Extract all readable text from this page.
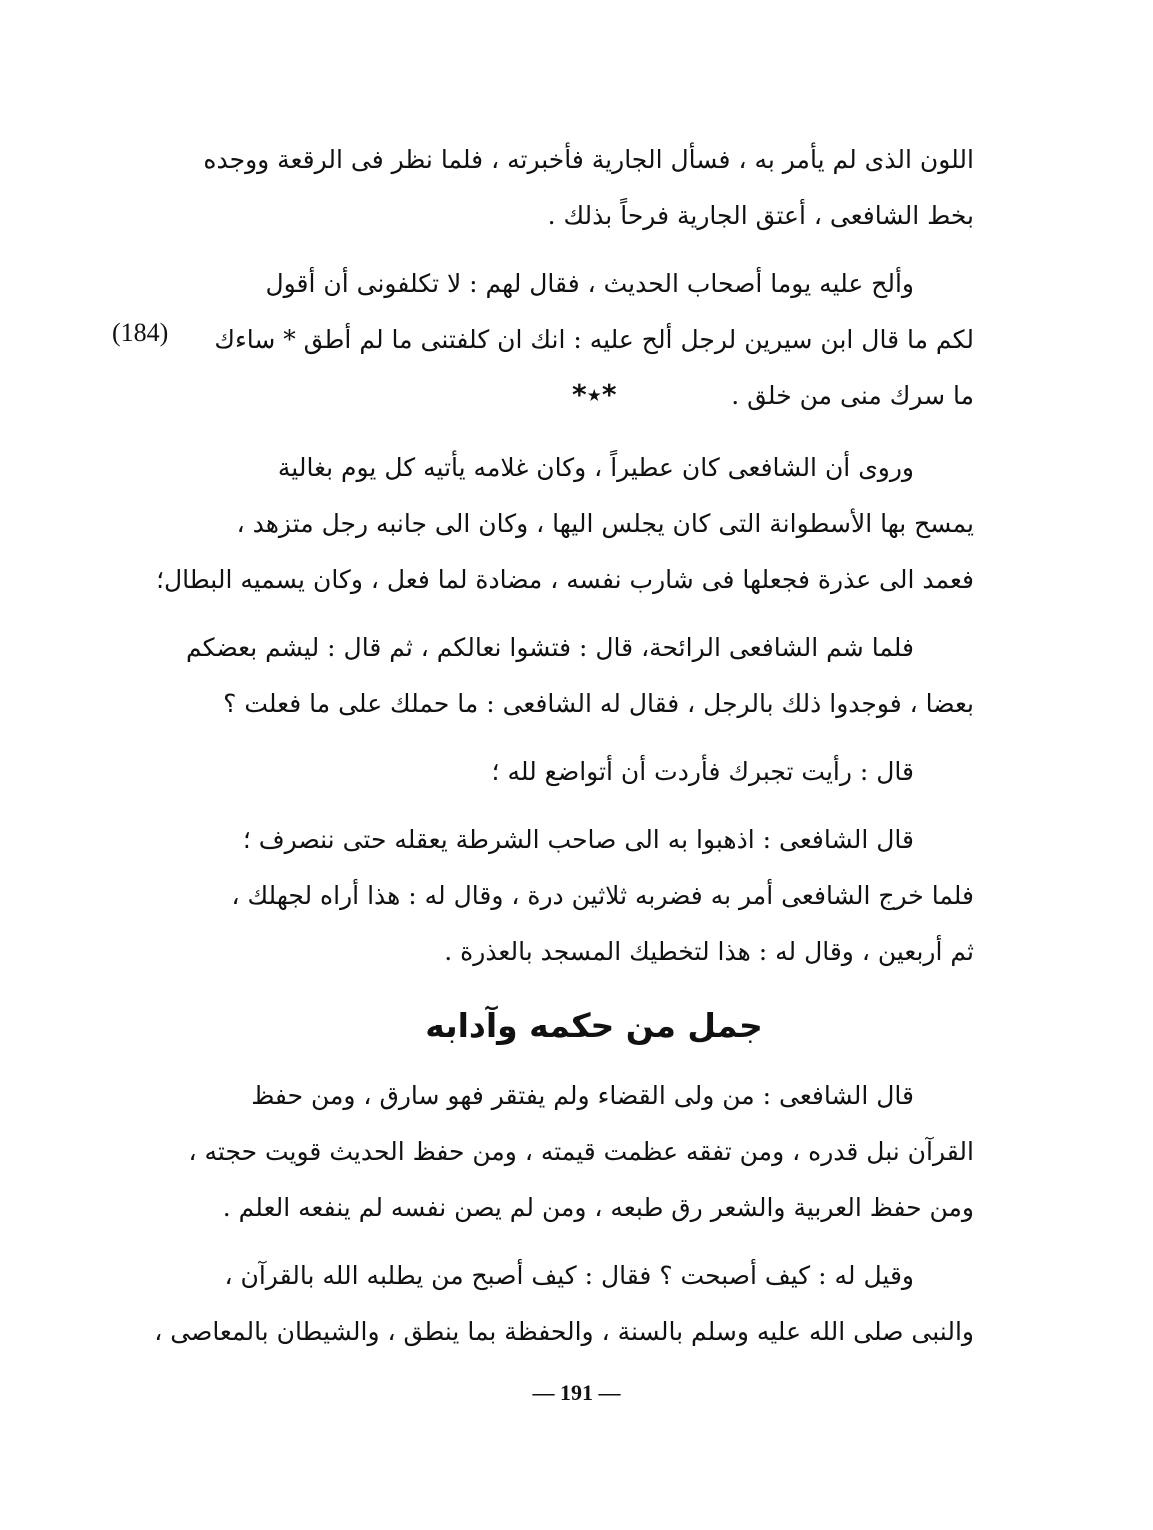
اللون الذى لم يأمر به ، فسأل الجارية فأخبرته ، فلما نظر فى الرقعة ووجده
بخط الشافعى ، أعتق الجارية فرحاً بذلك .

وألح عليه يوما أصحاب الحديث ، فقال لهم : لا تكلفونى أن أقول
لكم ما قال ابن سيرين لرجل ألح عليه : انك ان كلفتنى ما لم أطق * ساءك
ما سرك منى من خلق .

(184)
*٭*

وروى أن الشافعى كان عطيراً ، وكان غلامه يأتيه كل يوم بغالية
يمسح بها الأسطوانة التى كان يجلس اليها ، وكان الى جانبه رجل متزهد ،
فعمد الى عذرة فجعلها فى شارب نفسه ، مضادة لما فعل ، وكان يسميه البطال؛

فلما شم الشافعى الرائحة، قال : فتشوا نعالكم ، ثم قال : ليشم بعضكم
بعضا ، فوجدوا ذلك بالرجل ، فقال له الشافعى : ما حملك على ما فعلت ؟

قال : رأيت تجبرك فأردت أن أتواضع لله ؛

قال الشافعى : اذهبوا به الى صاحب الشرطة يعقله حتى ننصرف ؛
فلما خرج الشافعى أمر به فضربه ثلاثين درة ، وقال له : هذا أراه لجهلك ،
ثم أربعين ، وقال له : هذا لتخطيك المسجد بالعذرة .

جمل من حكمه وآدابه

قال الشافعى : من ولى القضاء ولم يفتقر فهو سارق ، ومن حفظ
القرآن نبل قدره ، ومن تفقه عظمت قيمته ، ومن حفظ الحديث قويت حجته ،
ومن حفظ العربية والشعر رق طبعه ، ومن لم يصن نفسه لم ينفعه العلم .

وقيل له : كيف أصبحت ؟ فقال : كيف أصبح من يطلبه الله بالقرآن ،
والنبى صلى الله عليه وسلم بالسنة ، والحفظة بما ينطق ، والشيطان بالمعاصى ،

— 191 —
